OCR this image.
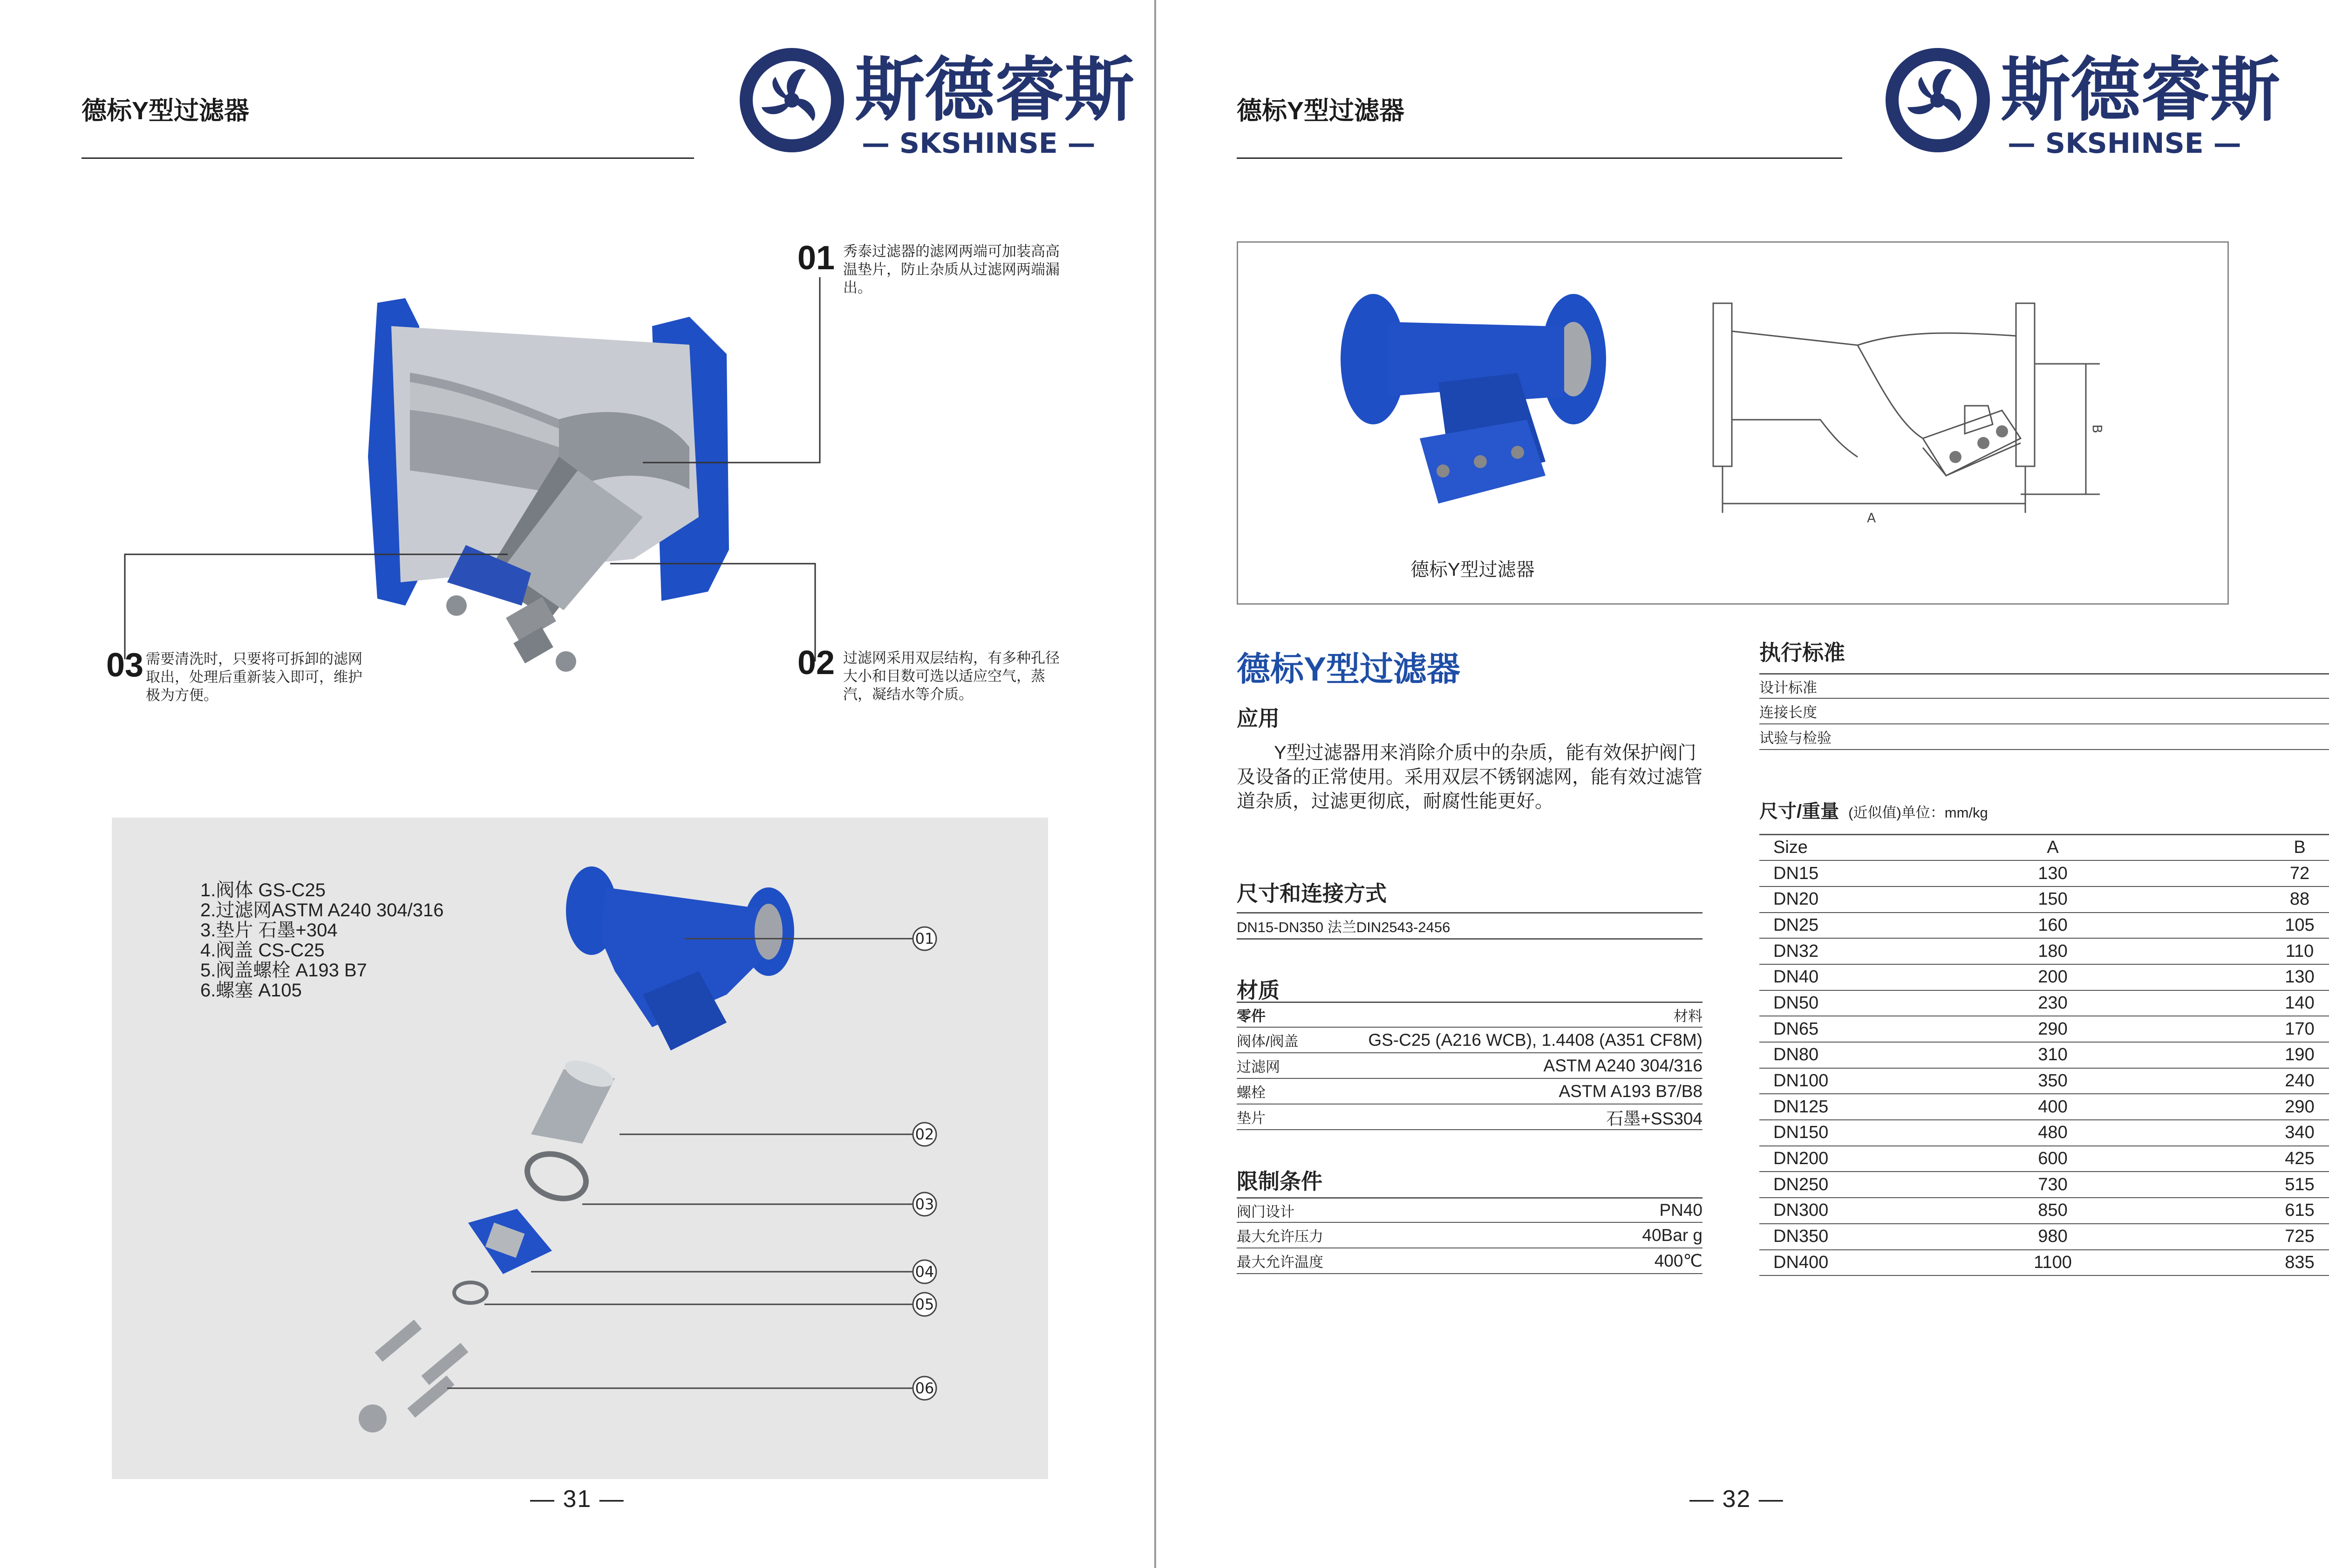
德标Y型过滤器	斯德睿斯
— SKSHINSE —
01 秀泰过滤器的滤网两端可加装高高温垫片，防止杂质从过滤网两端漏出。
02 过滤网采用双层结构，有多种孔径大小和目数可选以适应空气，蒸汽，凝结水等介质。
03 需要清洗时，只要将可拆卸的滤网取出，处理后重新装入即可，维护极为方便。
1.阀体 GS-C25
2.过滤网ASTM A240 304/316
3.垫片 石墨+304
4.阀盖 CS-C25
5.阀盖螺栓 A193 B7
6.螺塞 A105
01
02
03
04
05
06
— 31 —
德标Y型过滤器	斯德睿斯
— SKSHINSE —
德标Y型过滤器
A
B
德标Y型过滤器
应用
Y型过滤器用来消除介质中的杂质，能有效保护阀门及设备的正常使用。采用双层不锈钢滤网，能有效过滤管道杂质，过滤更彻底，耐腐性能更好。
尺寸和连接方式
DN15-DN350 法兰DIN2543-2456
材质
零件	材料
阀体/阀盖	GS-C25 (A216 WCB), 1.4408 (A351 CF8M)
过滤网	ASTM A240 304/316
螺栓	ASTM A193 B7/B8
垫片	石墨+SS304
限制条件
阀门设计	PN40
最大允许压力	40Bar g
最大允许温度	400℃
执行标准
设计标准
连接长度
试验与检验
尺寸/重量 (近似值)单位：mm/kg
Size	A	B
DN15	130	72
DN20	150	88
DN25	160	105
DN32	180	110
DN40	200	130
DN50	230	140
DN65	290	170
DN80	310	190
DN100	350	240
DN125	400	290
DN150	480	340
DN200	600	425
DN250	730	515
DN300	850	615
DN350	980	725
DN400	1100	835
— 32 —
